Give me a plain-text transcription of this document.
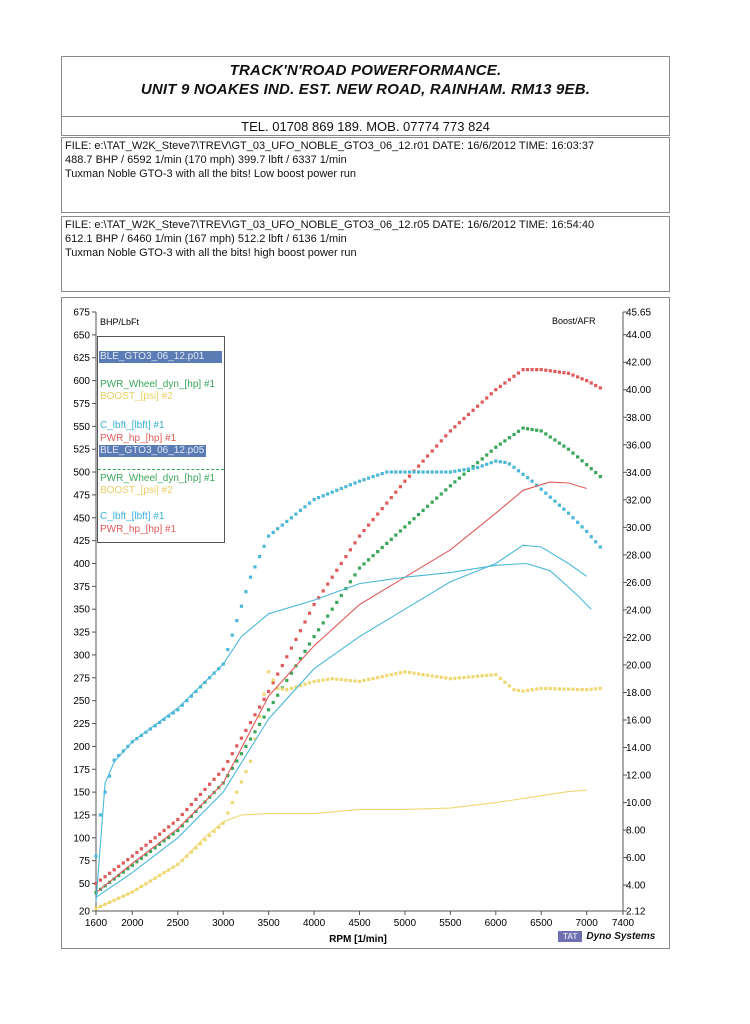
TRACK'N'ROAD POWERFORMANCE.
UNIT 9 NOAKES IND. EST. NEW ROAD, RAINHAM. RM13 9EB.
TEL. 01708 869 189. MOB. 07774 773 824
FILE: e:\TAT_W2K_Steve7\TREV\GT_03_UFO_NOBLE_GTO3_06_12.r01 DATE: 16/6/2012 TIME: 16:03:37
488.7 BHP / 6592 1/min (170 mph) 399.7 lbft / 6337 1/min
Tuxman Noble GTO-3 with all the bits! Low boost power run
FILE: e:\TAT_W2K_Steve7\TREV\GT_03_UFO_NOBLE_GTO3_06_12.r05 DATE: 16/6/2012 TIME: 16:54:40
612.1 BHP / 6460 1/min (167 mph) 512.2 lbft / 6136 1/min
Tuxman Noble GTO-3 with all the bits! high boost power run
20
50
75
100
125
150
175
200
225
250
275
300
325
350
375
400
425
450
475
500
525
550
575
600
625
650
675
2.12
4.00
6.00
8.00
10.00
12.00
14.00
16.00
18.00
20.00
22.00
24.00
26.00
28.00
30.00
32.00
34.00
36.00
38.00
40.00
42.00
44.00
45.65
1600 2000 2500 3000 3500 4000 4500 5000 5500 6000 6500 7000 7400
BHP/LbFt	Boost/AFR
RPM [1/min]
BLE_GTO3_06_12.p01
PWR_Wheel_dyn_[hp] #1
BOOST_[psi] #2
C_lbft_[lbft] #1
PWR_hp_[hp] #1
BLE_GTO3_06_12.p05
PWR_Wheel_dyn_[hp] #1
BOOST_[psi] #2
C_lbft_[lbft] #1
PWR_hp_[hp] #1
TAT Dyno Systems
